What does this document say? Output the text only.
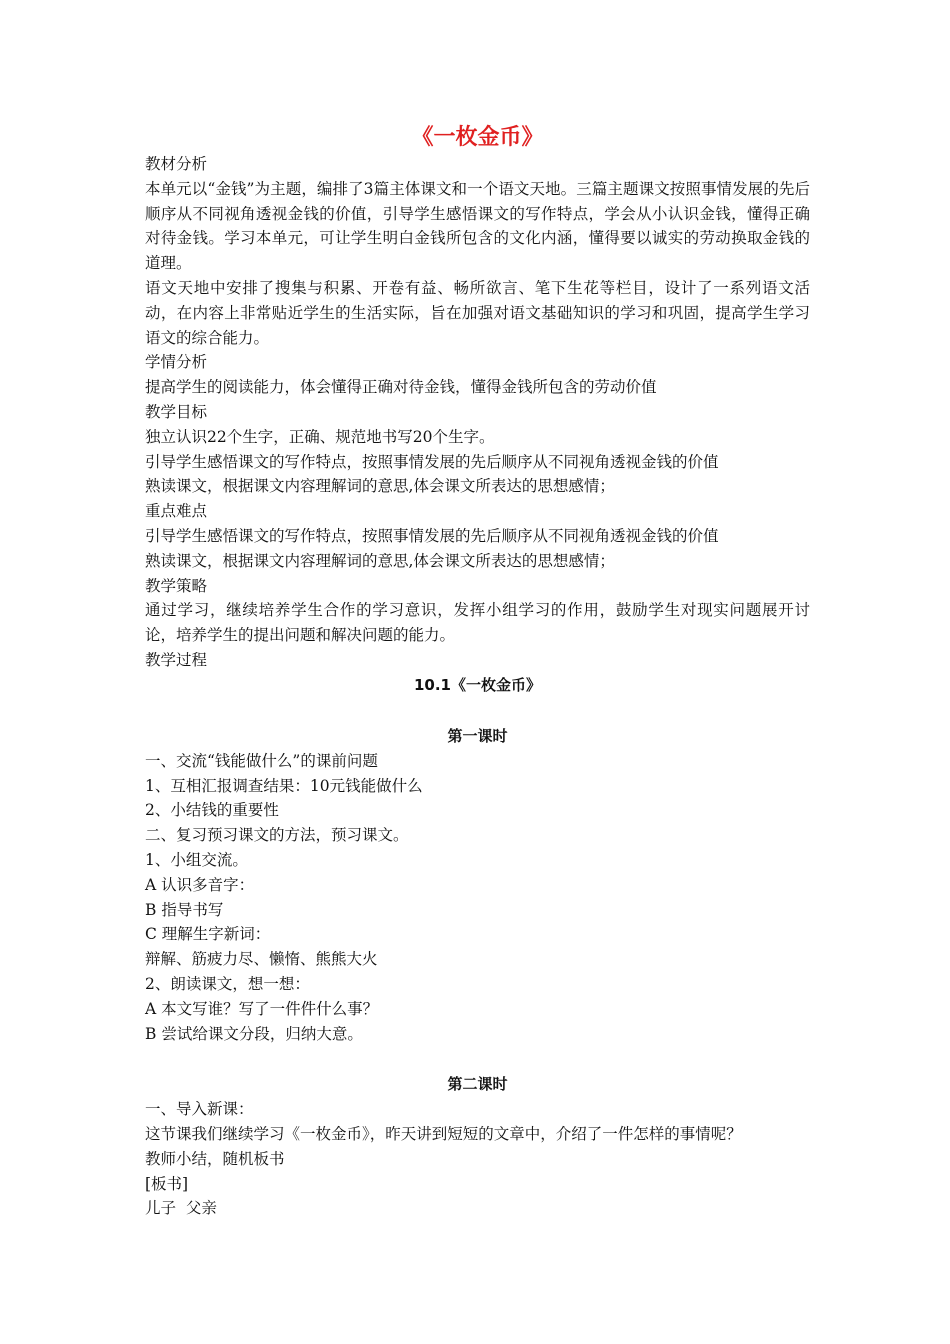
《一枚金币》

教材分析

本单元以“金钱”为主题，编排了3篇主体课文和一个语文天地。三篇主题课文按照事情发展的先后顺序从不同视角透视金钱的价值，引导学生感悟课文的写作特点，学会从小认识金钱，懂得正确对待金钱。学习本单元，可让学生明白金钱所包含的文化内涵，懂得要以诚实的劳动换取金钱的道理。

语文天地中安排了搜集与积累、开卷有益、畅所欲言、笔下生花等栏目，设计了一系列语文活动，在内容上非常贴近学生的生活实际，旨在加强对语文基础知识的学习和巩固，提高学生学习语文的综合能力。

学情分析

提高学生的阅读能力，体会懂得正确对待金钱，懂得金钱所包含的劳动价值

教学目标

独立认识22个生字，正确、规范地书写20个生字。

引导学生感悟课文的写作特点，按照事情发展的先后顺序从不同视角透视金钱的价值

熟读课文，根据课文内容理解词的意思,体会课文所表达的思想感情；

重点难点

引导学生感悟课文的写作特点，按照事情发展的先后顺序从不同视角透视金钱的价值

熟读课文，根据课文内容理解词的意思,体会课文所表达的思想感情；

教学策略

通过学习，继续培养学生合作的学习意识，发挥小组学习的作用，鼓励学生对现实问题展开讨论，培养学生的提出问题和解决问题的能力。

教学过程

10.1《一枚金币》

第一课时

一、交流“钱能做什么”的课前问题

1、互相汇报调查结果：10元钱能做什么

2、小结钱的重要性

二、复习预习课文的方法，预习课文。

1、小组交流。

A 认识多音字：

B 指导书写

C 理解生字新词：

辩解、筋疲力尽、懒惰、熊熊大火

2、朗读课文，想一想：

A 本文写谁？写了一件件什么事？

B 尝试给课文分段，归纳大意。

第二课时

一、导入新课：

这节课我们继续学习《一枚金币》，昨天讲到短短的文章中，介绍了一件怎样的事情呢？

教师小结，随机板书

[板书]

儿子  父亲
